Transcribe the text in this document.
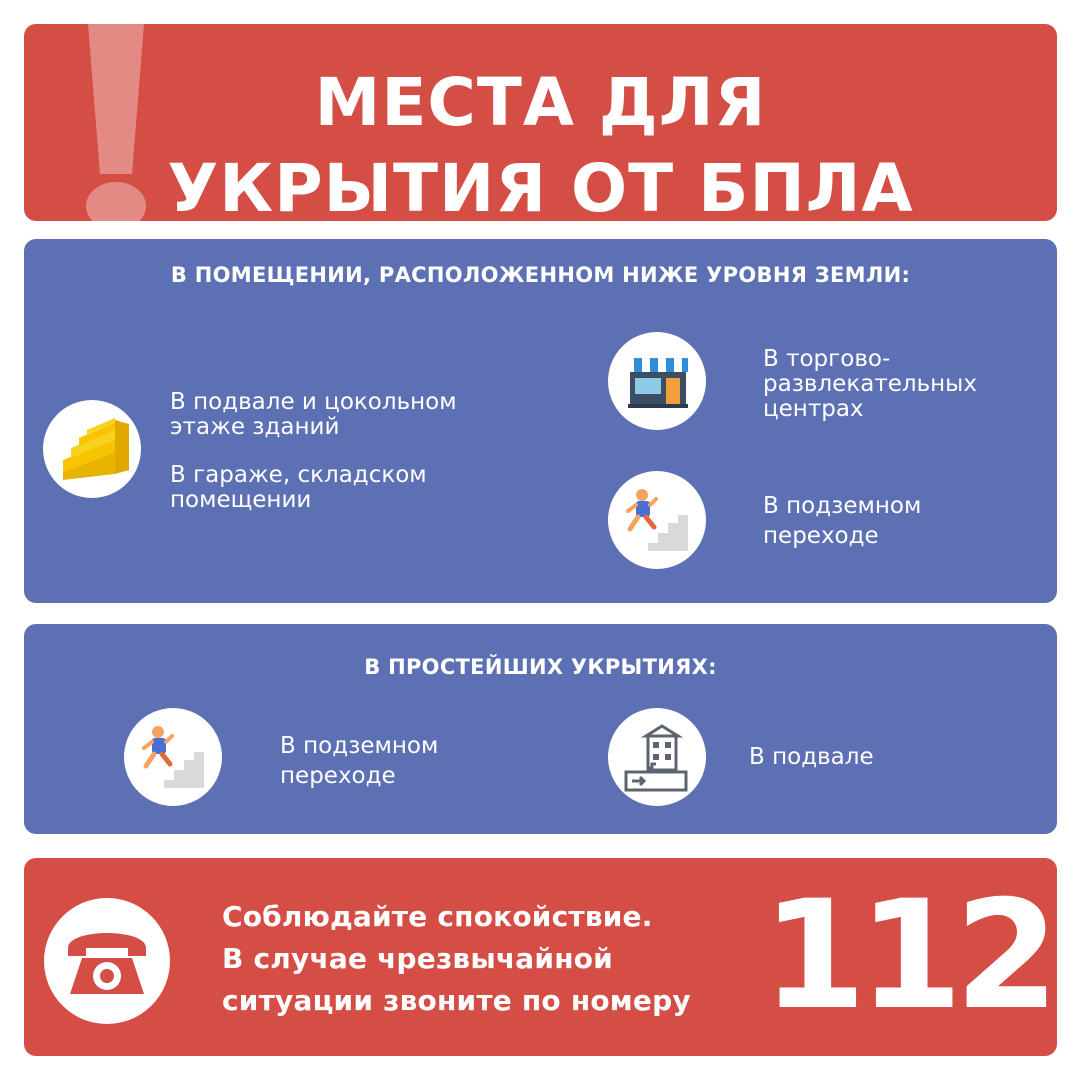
МЕСТА ДЛЯ
УКРЫТИЯ ОТ БПЛА
В ПОМЕЩЕНИИ, РАСПОЛОЖЕННОМ НИЖЕ УРОВНЯ ЗЕМЛИ:
В подвале и цокольном
этаже зданий
В гараже, складском
помещении
В торгово-
развлекательных
центрах
В подземном
переходе
В ПРОСТЕЙШИХ УКРЫТИЯХ:
В подземном
переходе
В подвале
Соблюдайте спокойствие.
В случае чрезвычайной
ситуации звоните по номеру 112
